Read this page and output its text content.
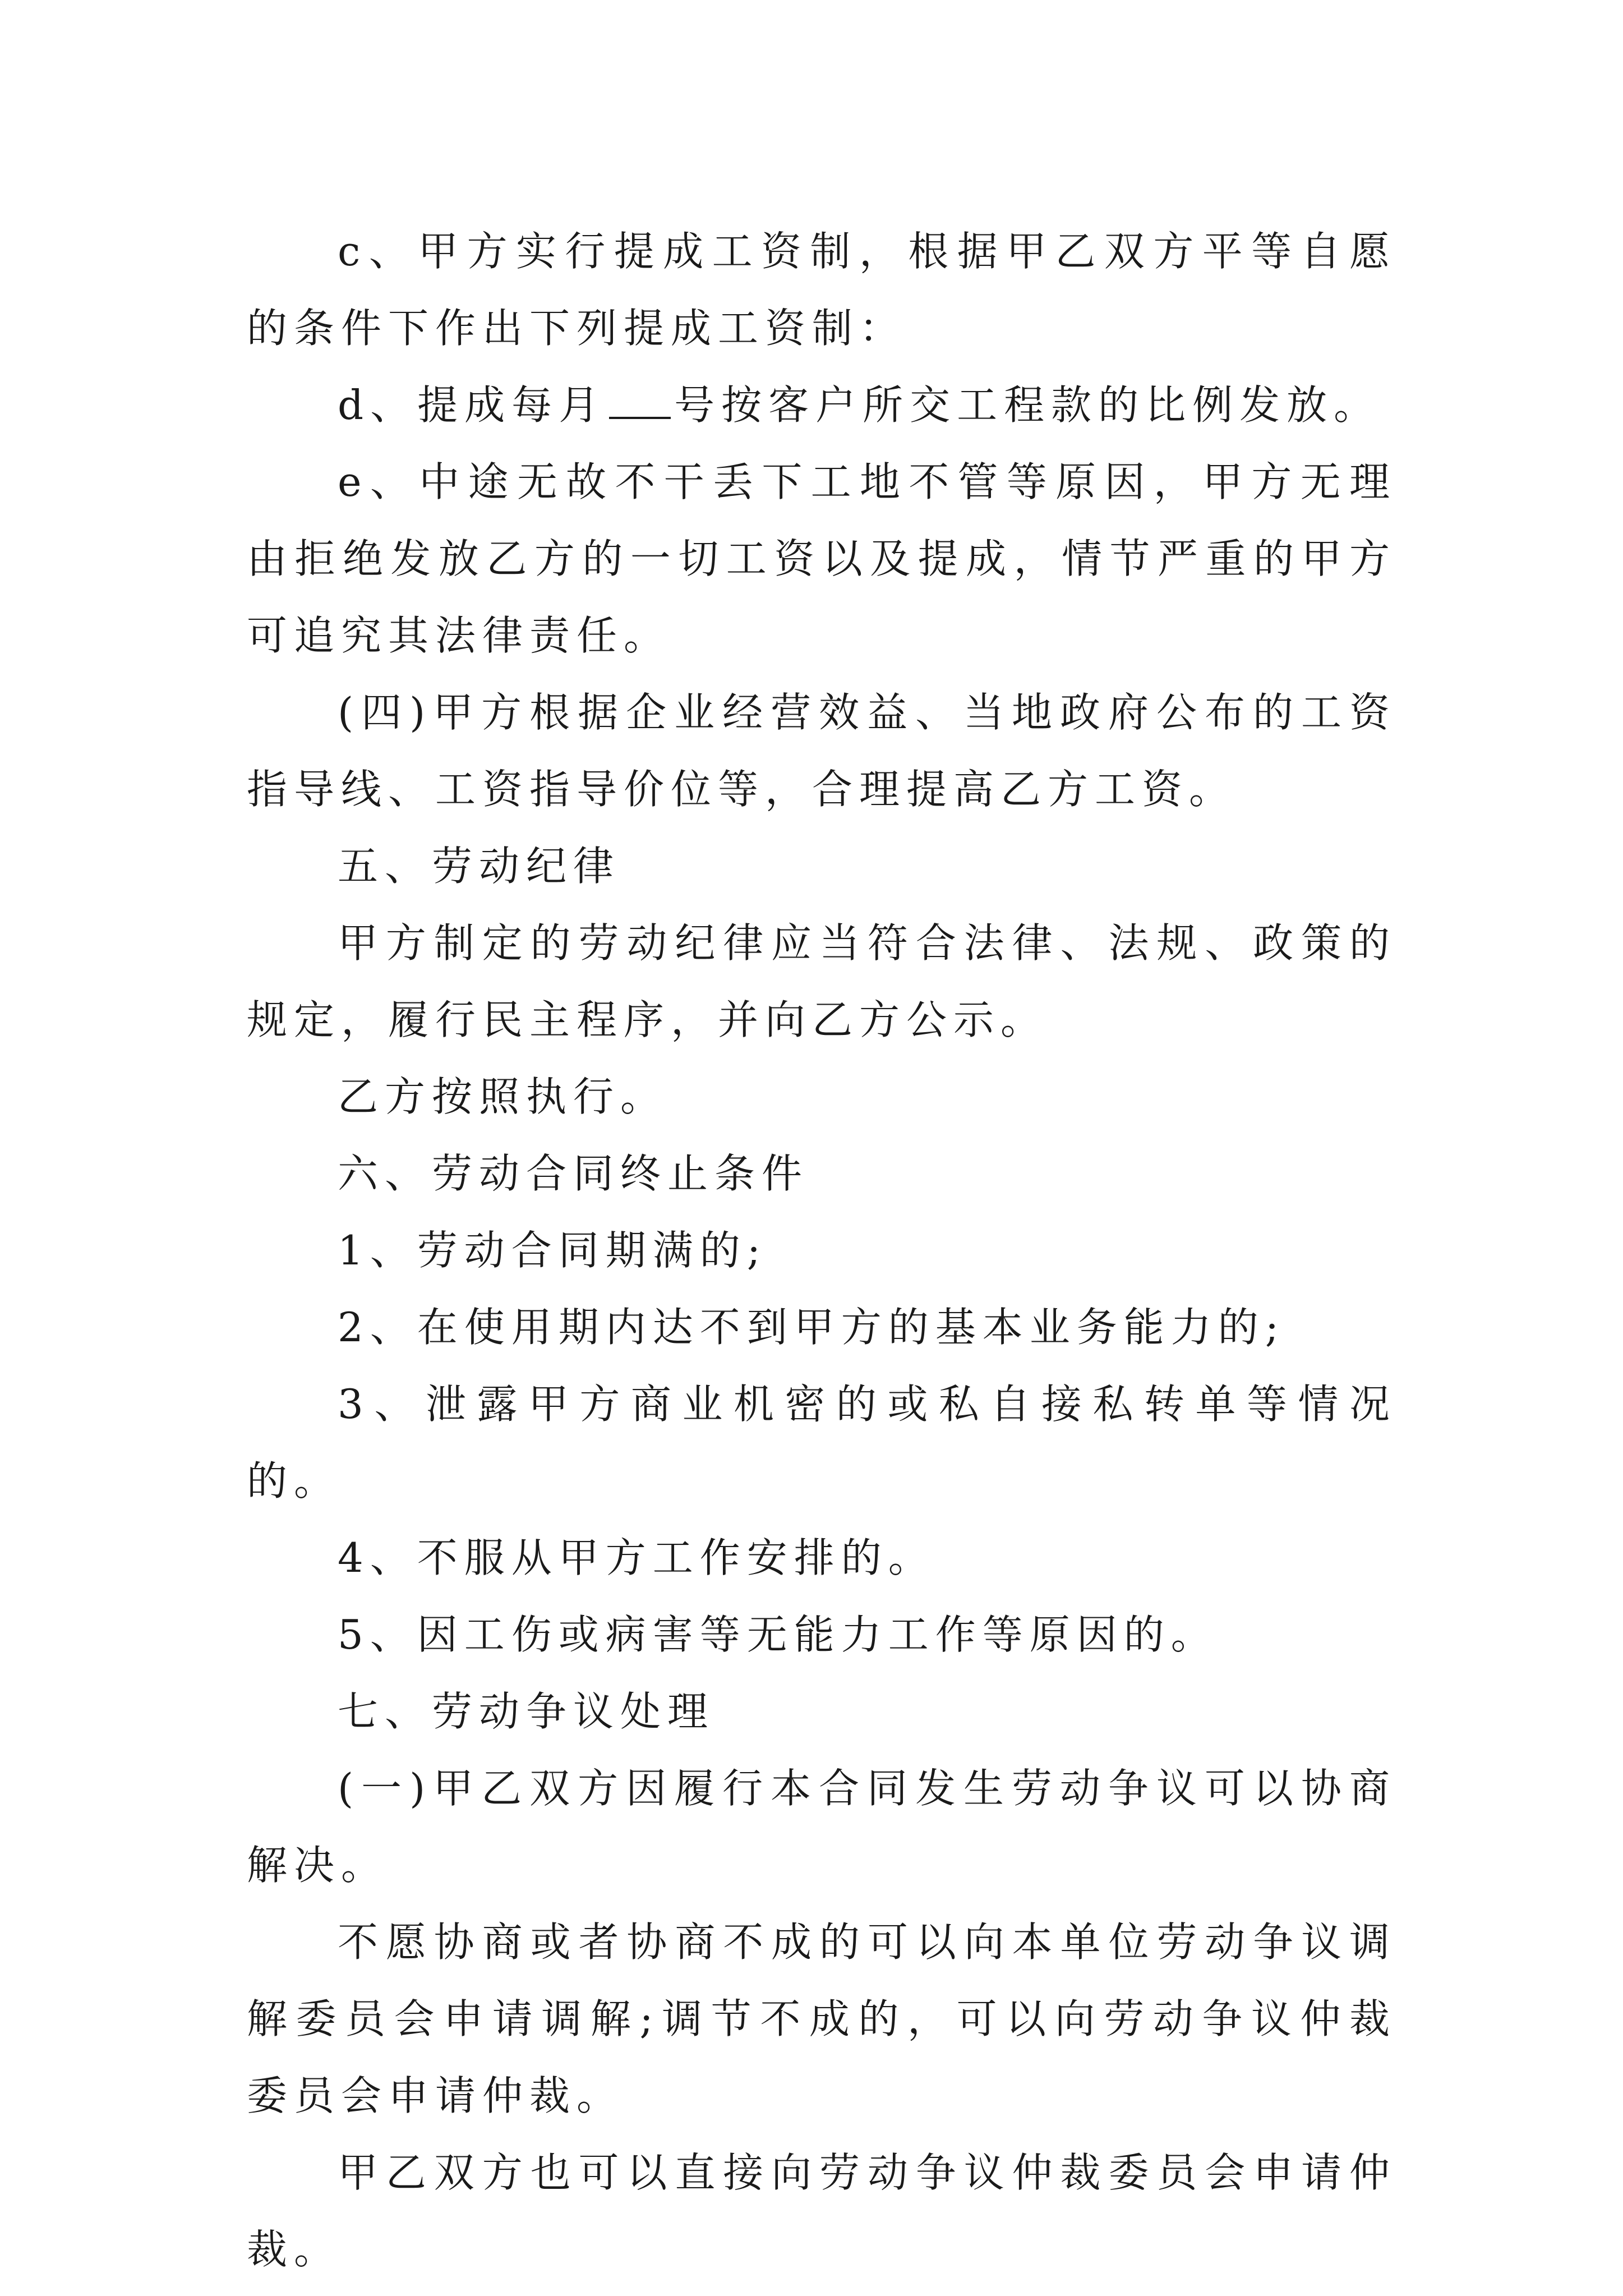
c、甲方实行提成工资制，根据甲乙双方平等自愿的条件下作出下列提成工资制：

d、提成每月 号按客户所交工程款的比例发放。

e、中途无故不干丢下工地不管等原因，甲方无理由拒绝发放乙方的一切工资以及提成，情节严重的甲方可追究其法律责任。

(四)甲方根据企业经营效益、当地政府公布的工资指导线、工资指导价位等，合理提高乙方工资。

五、劳动纪律

甲方制定的劳动纪律应当符合法律、法规、政策的规定，履行民主程序，并向乙方公示。

乙方按照执行。

六、劳动合同终止条件

1、劳动合同期满的;

2、在使用期内达不到甲方的基本业务能力的;

3、泄露甲方商业机密的或私自接私转单等情况的。

4、不服从甲方工作安排的。

5、因工伤或病害等无能力工作等原因的。

七、劳动争议处理

(一)甲乙双方因履行本合同发生劳动争议可以协商解决。

不愿协商或者协商不成的可以向本单位劳动争议调解委员会申请调解;调节不成的，可以向劳动争议仲裁委员会申请仲裁。

甲乙双方也可以直接向劳动争议仲裁委员会申请仲裁。
